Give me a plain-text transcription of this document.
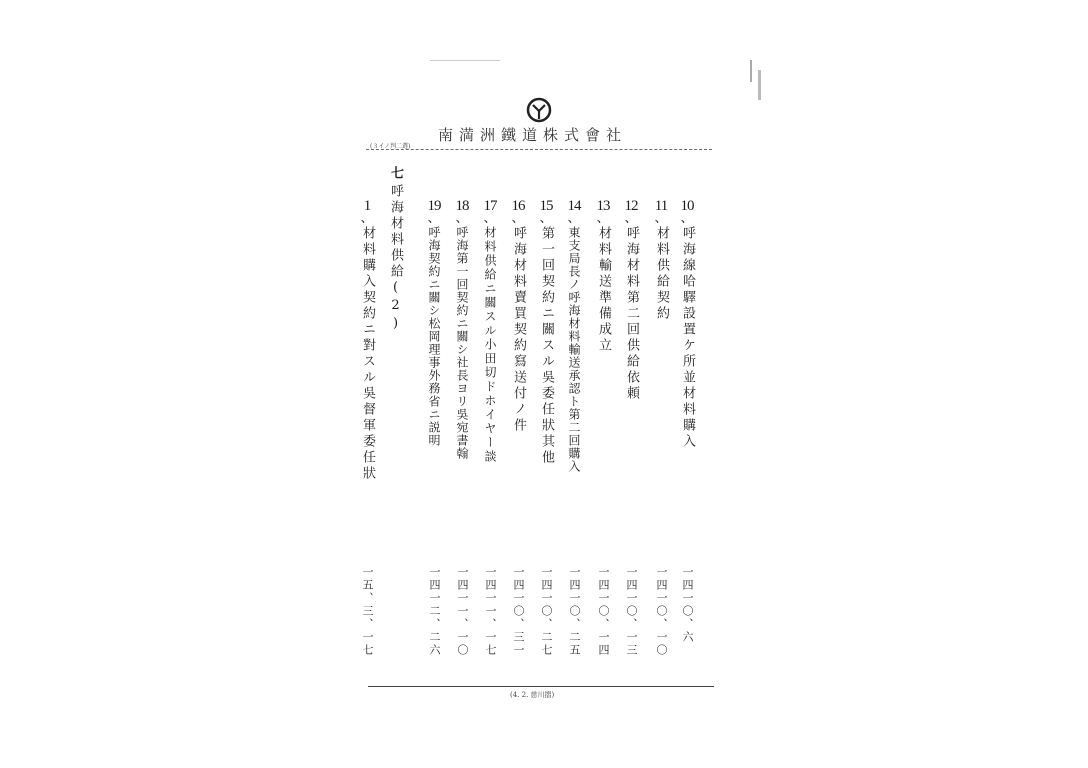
南満洲鐵道株式會社
(３イノ判二選)
10
、
呼海線哈驛設置ケ所並材料購入
11
、
材料供給契約
12
、
呼海材料第二回供給依頼
13
、
材料輸送準備成立
14
、
東支局長ノ呼海材料輸送承認ト第二回購入
15
、
第一回契約ニ關スル吳委任狀其他
16
、
呼海材料賣買契約寫送付ノ件
17
、
材料供給ニ關スル小田切ドホイヤー談
18
、
呼海第一回契約ニ關シ社長ヨリ吳宛書翰
19
、
呼海契約ニ關シ松岡理事外務省ニ説明
七
呼海材料供給(2)
1
、
材料購入契約ニ對スル吳督軍委任狀
一四一〇、六
一四一〇、一〇
一四一〇、一三
一四一〇、一四
一四一〇、二五
一四一〇、二七
一四一〇、三一
一四一一、一七
一四一一、一〇
一四一二、二六
一五、三、一七
(4. 2. 慈川摺)
